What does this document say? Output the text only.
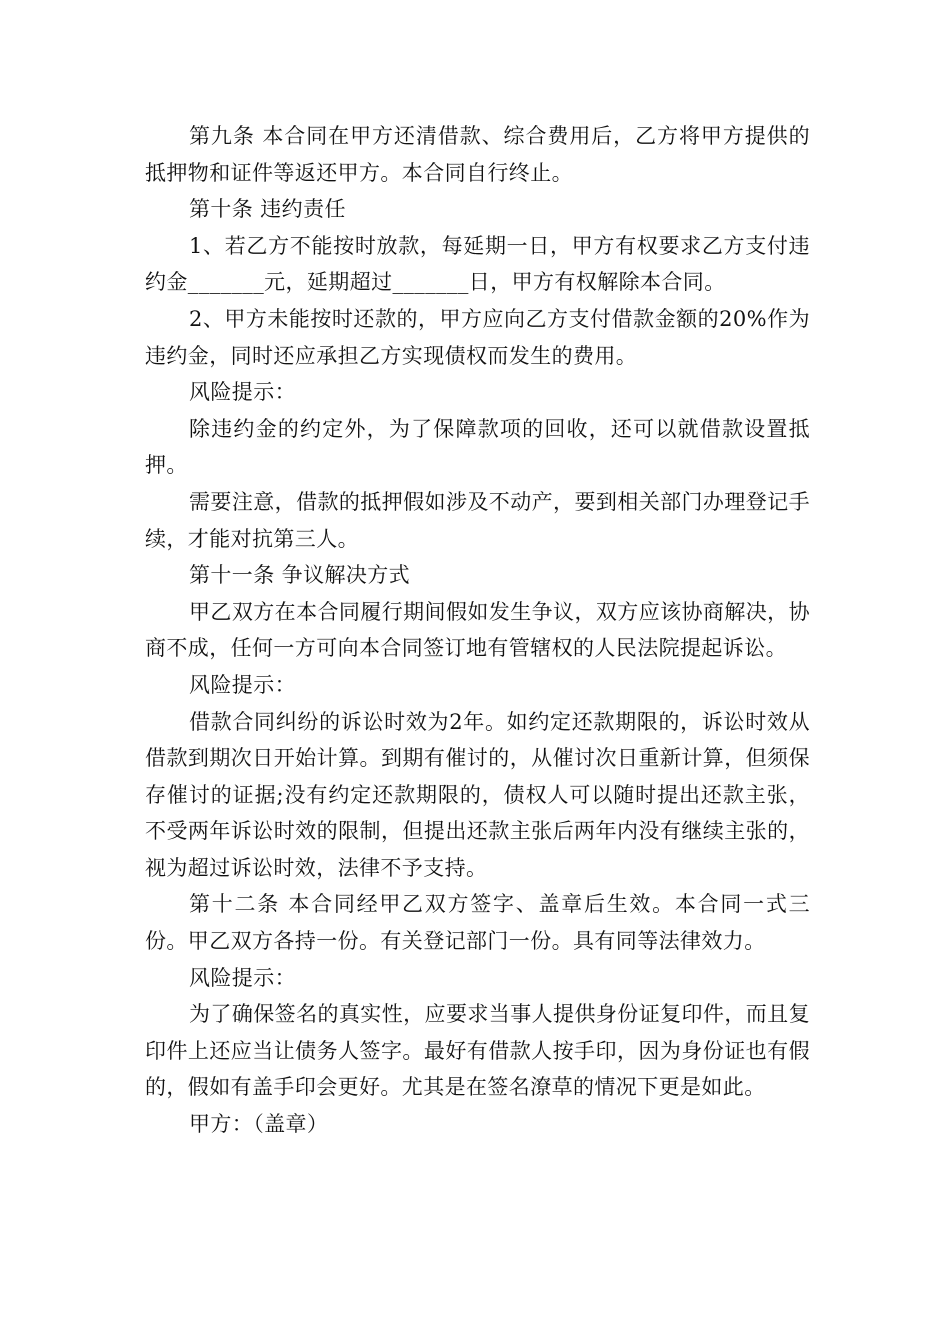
第九条 本合同在甲方还清借款、综合费用后，乙方将甲方提供的抵押物和证件等返还甲方。本合同自行终止。

第十条 违约责任

1、若乙方不能按时放款，每延期一日，甲方有权要求乙方支付违约金_______元，延期超过_______日，甲方有权解除本合同。

2、甲方未能按时还款的，甲方应向乙方支付借款金额的20%作为违约金，同时还应承担乙方实现债权而发生的费用。

风险提示：

除违约金的约定外，为了保障款项的回收，还可以就借款设置抵押。

需要注意，借款的抵押假如涉及不动产，要到相关部门办理登记手续，才能对抗第三人。

第十一条 争议解决方式

甲乙双方在本合同履行期间假如发生争议，双方应该协商解决，协商不成，任何一方可向本合同签订地有管辖权的人民法院提起诉讼。

风险提示：

借款合同纠纷的诉讼时效为2年。如约定还款期限的，诉讼时效从借款到期次日开始计算。到期有催讨的，从催讨次日重新计算，但须保存催讨的证据;没有约定还款期限的，债权人可以随时提出还款主张，不受两年诉讼时效的限制，但提出还款主张后两年内没有继续主张的，视为超过诉讼时效，法律不予支持。

第十二条 本合同经甲乙双方签字、盖章后生效。本合同一式三份。甲乙双方各持一份。有关登记部门一份。具有同等法律效力。

风险提示：

为了确保签名的真实性，应要求当事人提供身份证复印件，而且复印件上还应当让债务人签字。最好有借款人按手印，因为身份证也有假的，假如有盖手印会更好。尤其是在签名潦草的情况下更是如此。

甲方：（盖章）
